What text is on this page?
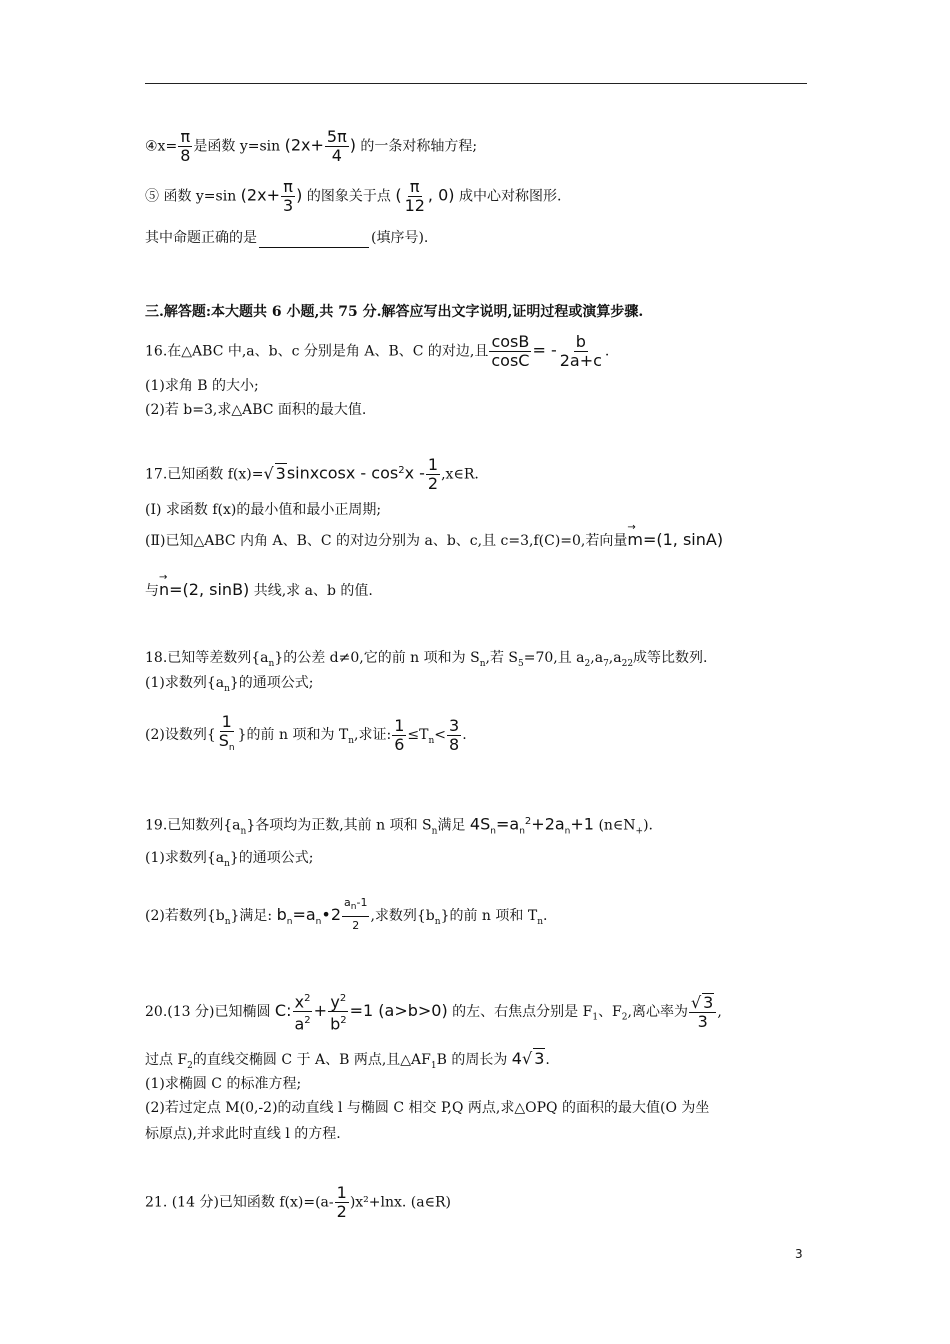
④x= $\frac{\pi}{8}$ 是函数 y=sin ($2x+ \frac{5\pi}{4}$ ) 的一条对称轴方程;
⑤ 函数 y=sin ($2x+ \frac{\pi}{3}$ ) 的图象关于点 ( $\frac{\pi}{12}$ , 0) 成中心对称图形.
其中命题正确的是	(填序号).
三.解答题:本大题共 6 小题,共 75 分.解答应写出文字说明,证明过程或演算步骤.
16.在△ABC 中,a、b、c 分别是角 A、B、C 的对边,且 $\frac{\cos B}{\cos C}$ = - $\frac{b}{2a+c}$ .
(1)求角 B 的大小;
(2)若 b=3,求△ABC 面积的最大值.
17.已知函数 f(x)=√ 3sinxcosx - $\cos^2x - \frac{1}{2}$ ,x∈R.
(Ⅰ) 求函数 f(x)的最小值和最小正周期;
(Ⅱ)已知△ABC 内角 A、B、C 的对边分别为 a、b、c,且 c=3,f(C)=0,若向量→ m=(1, sinA)
与→ n=(2, sinB) 共线,求 a、b 的值.
18.已知等差数列$\{a_n\}$的公差 d≠0,它的前 n 项和为 $S_n$,若 $S_5=70$,且 $a_2,a_7,a_{22}$成等比数列.
(1)求数列$\{a_n\}$的通项公式;
(2)设数列{ $\frac{1}{S_n}$ }的前 n 项和为 $T_n$,求证: $\frac{1}{6} \le T_n< \frac{3}{8}$ .
19.已知数列$\{a_n\}$各项均为正数,其前 n 项和 $S_n$满足 $4S_n=a_n^2+2a_n+1$ $(n\in N_+)$.
(1)求数列$\{a_n\}$的通项公式;
(2)若数列$\{b_n\}$满足: $b_n=a_n•2 \frac{a_n-1}{2}$ ,求数列$\{b_n\}$的前 n 项和 $T_n$.
20.(13 分)已知椭圆 C: $\frac{x^2}{a^2} + \frac{y^2}{b^2} =1$ (a>b>0) 的左、右焦点分别是 $F_1$、$F_2$,离心率为 $\frac{√ 3}{3}$ ,
过点 $F_2$的直线交椭圆 C 于 A、B 两点,且$\triangle AF_1B$ 的周长为 4√ 3.
(1)求椭圆 C 的标准方程;
(2)若过定点 M(0,-2)的动直线 l 与椭圆 C 相交 P,Q 两点,求△OPQ 的面积的最大值(O 为坐
标原点),并求此时直线 l 的方程.
21. (14 分)已知函数 $f(x)=(a- \frac{1}{2} )x^2+\ln x$. (a∈R)
3
